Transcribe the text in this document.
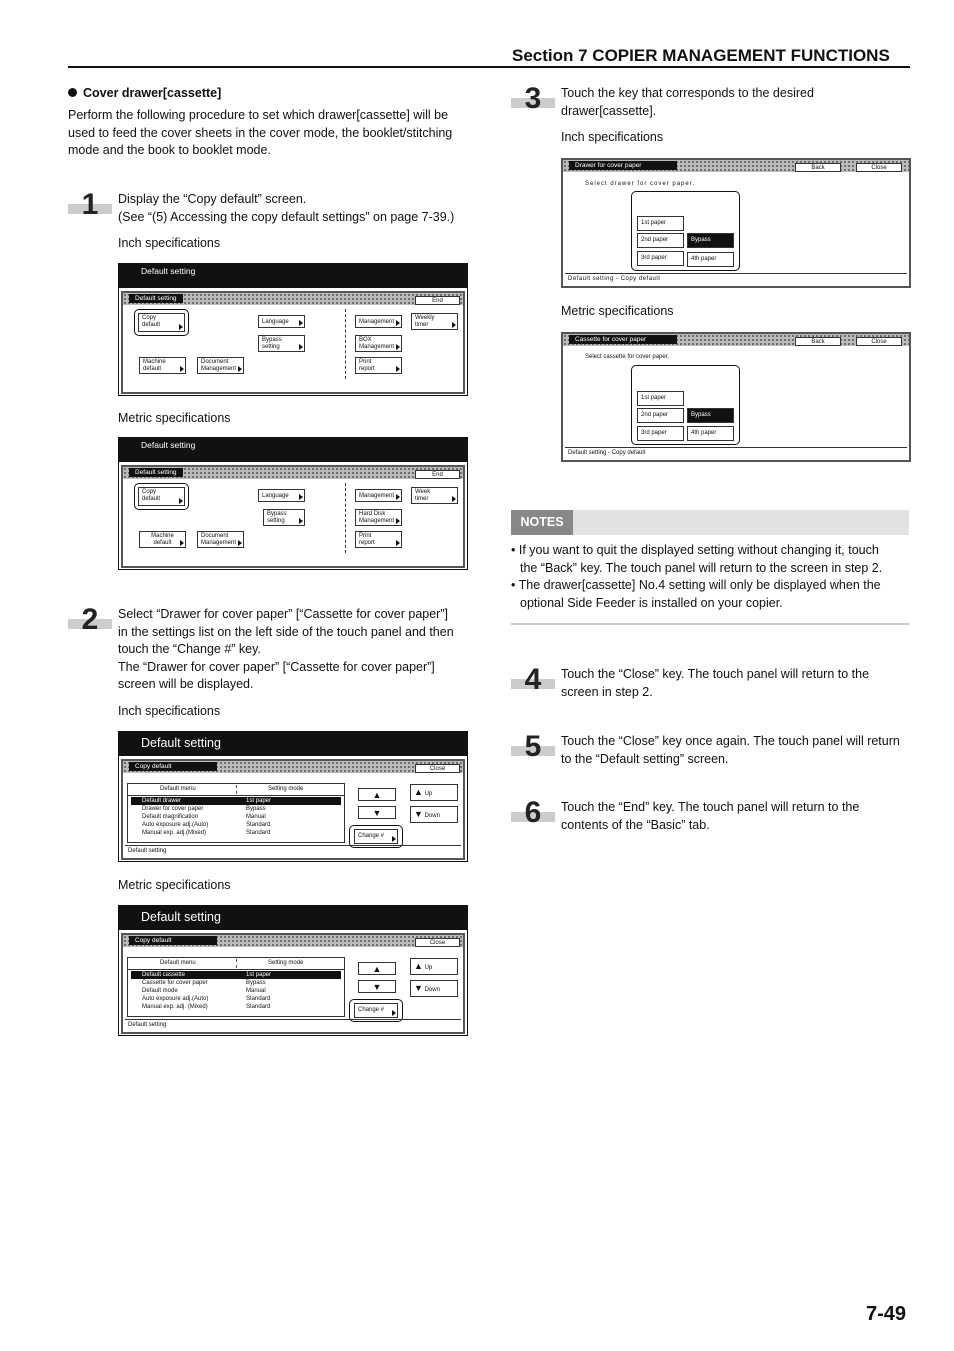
Section 7 COPIER MANAGEMENT FUNCTIONS
Cover drawer[cassette]
Perform the following procedure to set which drawer[cassette] will be
used to feed the cover sheets in the cover mode, the booklet/stitching
mode and the book to booklet mode.
1	Display the “Copy default” screen.
(See “(5) Accessing the copy default settings” on page 7-39.)
Inch specifications
Default setting
Default setting	End
Copy
default	Language
Bypass
setting
Machine
default
Document
Management
Management
Weekly
timer
BOX
Management
Print
report
Metric specifications
Default setting
Default setting	End
Copy
default	Language
Bypass
setting
Machine
default
Document
Management
Management
Week
timer
Hard Disk
Management
Print
report
2	Select “Drawer for cover paper” [“Cassette for cover paper”]
in the settings list on the left side of the touch panel and then
touch the “Change #” key.
The “Drawer for cover paper” [“Cassette for cover paper”]
screen will be displayed.
Inch specifications
Default setting
Copy default	Close
Default menu	Setting mode
Default drawer	1st paper
Drawer for cover paper	Bypass
Default magnification	Manual
Auto exposure adj.(Auto)	Standard
Manual exp. adj.(Mixed)	Standard
▲
▼
▲ Up
▼ Down
Change #
Default setting
Metric specifications
Default setting
Copy default	Close
Default menu	Setting mode
Default cassette	1st paper
Cassette for cover paper	Bypass
Default mode	Manual
Auto exposure adj.(Auto)	Standard
Manual exp. adj. (Mixed)	Standard
▲
▼
▲ Up
▼ Down
Change #
Default setting
3	Touch the key that corresponds to the desired
drawer[cassette].
Inch specifications
Drawer for cover paper	Back	Close
Select drawer for cover paper.
1st paper
2nd paper
3rd paper
Bypass
4th paper
Default setting - Copy default
Metric specifications
Cassette for cover paper	Back	Close
Select cassette for cover paper.
1st paper
2nd paper
3rd paper
Bypass
4th paper
Default setting - Copy default
NOTES
• If you want to quit the displayed setting without changing it, touch
the “Back” key. The touch panel will return to the screen in step 2.
• The drawer[cassette] No.4 setting will only be displayed when the
optional Side Feeder is installed on your copier.
4	Touch the “Close” key. The touch panel will return to the
screen in step 2.
5	Touch the “Close” key once again. The touch panel will return
to the “Default setting” screen.
6	Touch the “End” key. The touch panel will return to the
contents of the “Basic” tab.
7-49
